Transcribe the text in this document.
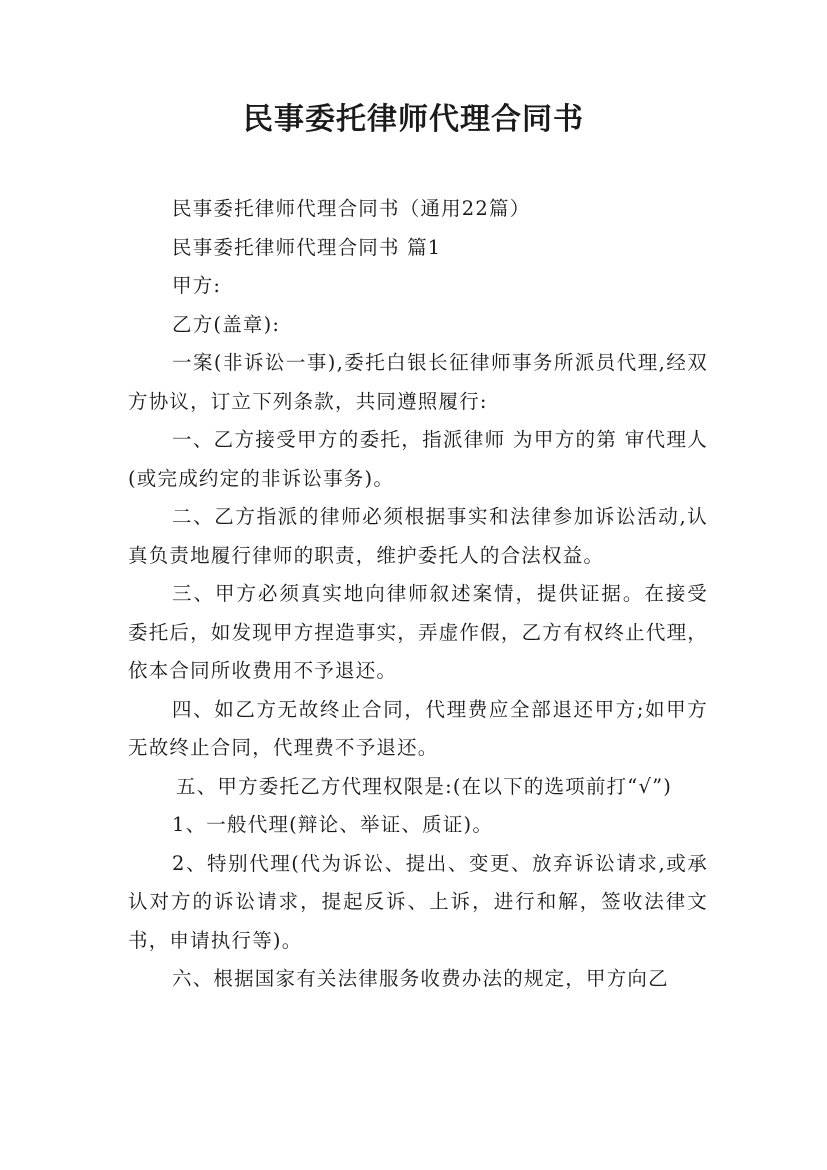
民事委托律师代理合同书

民事委托律师代理合同书（通用22篇）

民事委托律师代理合同书 篇1

甲方:

乙方(盖章):

一案(非诉讼一事),委托白银长征律师事务所派员代理,经双方协议，订立下列条款，共同遵照履行:

一、乙方接受甲方的委托，指派律师 为甲方的第 审代理人(或完成约定的非诉讼事务)。

二、乙方指派的律师必须根据事实和法律参加诉讼活动,认真负责地履行律师的职责，维护委托人的合法权益。

三、甲方必须真实地向律师叙述案情，提供证据。在接受委托后，如发现甲方捏造事实，弄虚作假，乙方有权终止代理，依本合同所收费用不予退还。

四、如乙方无故终止合同，代理费应全部退还甲方;如甲方无故终止合同，代理费不予退还。

五、甲方委托乙方代理权限是:(在以下的选项前打“√”)

1、一般代理(辩论、举证、质证)。

2、特别代理(代为诉讼、提出、变更、放弃诉讼请求,或承认对方的诉讼请求，提起反诉、上诉，进行和解，签收法律文书，申请执行等)。

六、根据国家有关法律服务收费办法的规定，甲方向乙
